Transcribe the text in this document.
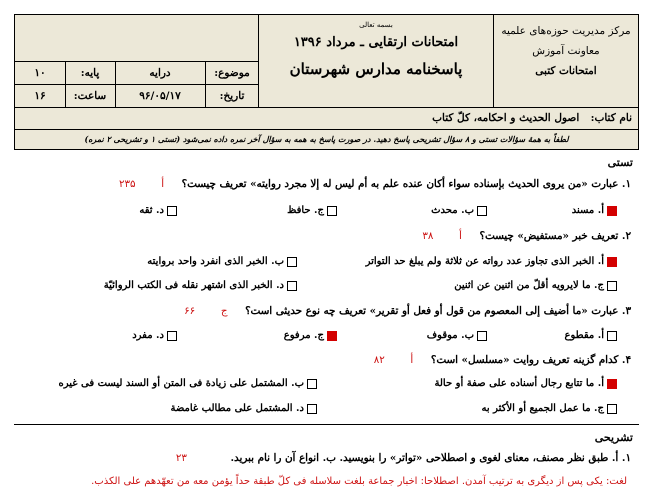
مرکز مدیریت حوزه‌های علمیه
معاونت آموزش
امتحانات کتبی
بسمه تعالی
امتحانات ارتقایی ـ مرداد ۱۳۹۶
پاسخنامه مدارس شهرستان
موضوع:
درایه
پایه:
۱۰
تاریخ:
۹۶/۰۵/۱۷
ساعت:
۱۶
نام کتاب: اصول الحدیث و احکامه، کلّ کتاب
لطفاً به همهٔ سؤالات تستی و ۸ سؤال تشریحی پاسخ دهید. در صورت پاسخ به همه به سؤال آخر نمره داده نمی‌شود (تستی ۱ و تشریحی ۲ نمره)
تستی
۱. عبارت «من یروی الحدیث بإسناده سواء أکان عنده علم به أم لیس له إلا مجرد روایته» تعریف چیست؟ أ ۲۳۵
أ. مسند
ب. محدث
ج. حافظ
د. ثقه
۲. تعریف خبر «مستفیض» چیست؟ أ ۳۸
أ. الخبر الذی تجاوز عدد رواته عن ثلاثة ولم یبلغ حد التواتر
ب. الخبر الذی انفرد واحد بروایته
ج. ما لایرویه أقلّ من اثنین عن اثنین
د. الخبر الذی اشتهر نقله فی الکتب الروائیّة
۳. عبارت «ما أضیف إلی المعصوم من قول أو فعل أو تقریر» تعریف چه نوع حدیثی است؟ ج ۶۶
أ. مقطوع
ب. موقوف
ج. مرفوع
د. مفرد
۴. کدام گزینه تعریف روایت «مسلسل» است؟ أ ۸۲
أ. ما تتابع رجال أسناده علی صفة أو حالة
ب. المشتمل علی زیادة فی المتن أو السند لیست فی غیره
ج. ما عمل الجمیع أو الأکثر به
د. المشتمل علی مطالب غامضة
تشریحی
۱. أ. طبق نظر مصنف، معنای لغوی و اصطلاحی «تواتر» را بنویسید. ب. انواع آن را نام ببرید. ۲۳
لغت: یکی پس از دیگری به ترتیب آمدن. اصطلاحا: اخبار جماعة بلغت سلاسله فی کلّ طبقة حداً یؤمن معه من تعهّدهم علی الکذب.
